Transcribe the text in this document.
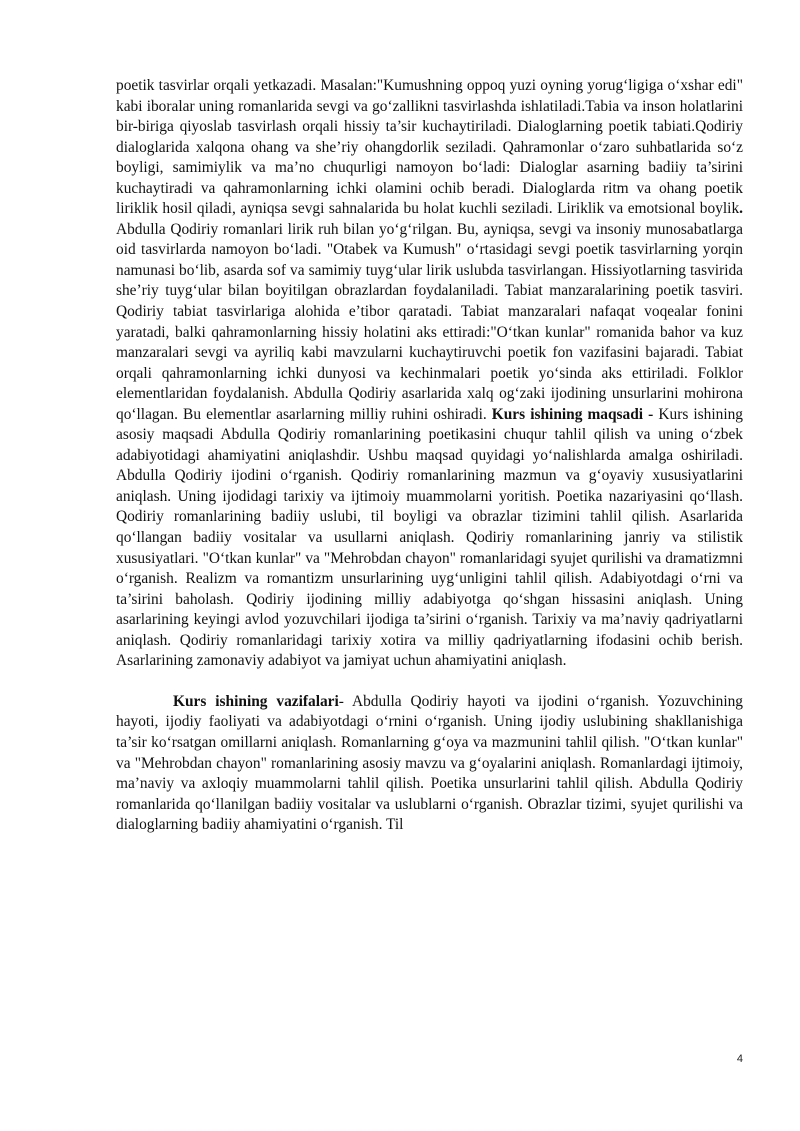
poetik tasvirlar orqali yetkazadi. Masalan:"Kumushning oppoq yuzi oyning yorug‘ligiga o‘xshar edi" kabi iboralar uning romanlarida sevgi va go‘zallikni tasvirlashda ishlatiladi.Tabia va inson holatlarini bir-biriga qiyoslab tasvirlash orqali hissiy ta’sir kuchaytiriladi. Dialoglarning poetik tabiati.Qodiriy dialoglarida xalqona ohang va she’riy ohangdorlik seziladi. Qahramonlar o‘zaro suhbatlarida so‘z boyligi, samimiylik va ma’no chuqurligi namoyon bo‘ladi: Dialoglar asarning badiiy ta’sirini kuchaytiradi va qahramonlarning ichki olamini ochib beradi. Dialoglarda ritm va ohang poetik liriklik hosil qiladi, ayniqsa sevgi sahnalarida bu holat kuchli seziladi. Liriklik va emotsional boylik. Abdulla Qodiriy romanlari lirik ruh bilan yo‘g‘rilgan. Bu, ayniqsa, sevgi va insoniy munosabatlarga oid tasvirlarda namoyon bo‘ladi. "Otabek va Kumush" o‘rtasidagi sevgi poetik tasvirlarning yorqin namunasi bo‘lib, asarda sof va samimiy tuyg‘ular lirik uslubda tasvirlangan. Hissiyotlarning tasvirida she’riy tuyg‘ular bilan boyitilgan obrazlardan foydalaniladi. Tabiat manzaralarining poetik tasviri. Qodiriy tabiat tasvirlariga alohida e’tibor qaratadi. Tabiat manzaralari nafaqat voqealar fonini yaratadi, balki qahramonlarning hissiy holatini aks ettiradi:"O‘tkan kunlar" romanida bahor va kuz manzaralari sevgi va ayriliq kabi mavzularni kuchaytiruvchi poetik fon vazifasini bajaradi. Tabiat orqali qahramonlarning ichki dunyosi va kechinmalari poetik yo‘sinda aks ettiriladi. Folklor elementlaridan foydalanish. Abdulla Qodiriy asarlarida xalq og‘zaki ijodining unsurlarini mohirona qo‘llagan. Bu elementlar asarlarning milliy ruhini oshiradi. Kurs ishining maqsadi - Kurs ishining asosiy maqsadi Abdulla Qodiriy romanlarining poetikasini chuqur tahlil qilish va uning o‘zbek adabiyotidagi ahamiyatini aniqlashdir. Ushbu maqsad quyidagi yo‘nalishlarda amalga oshiriladi. Abdulla Qodiriy ijodini o‘rganish. Qodiriy romanlarining mazmun va g‘oyaviy xususiyatlarini aniqlash. Uning ijodidagi tarixiy va ijtimoiy muammolarni yoritish. Poetika nazariyasini qo‘llash. Qodiriy romanlarining badiiy uslubi, til boyligi va obrazlar tizimini tahlil qilish. Asarlarida qo‘llangan badiiy vositalar va usullarni aniqlash. Qodiriy romanlarining janriy va stilistik xususiyatlari. "O‘tkan kunlar" va "Mehrobdan chayon" romanlaridagi syujet qurilishi va dramatizmni o‘rganish. Realizm va romantizm unsurlarining uyg‘unligini tahlil qilish. Adabiyotdagi o‘rni va ta’sirini baholash. Qodiriy ijodining milliy adabiyotga qo‘shgan hissasini aniqlash. Uning asarlarining keyingi avlod yozuvchilari ijodiga ta’sirini o‘rganish. Tarixiy va ma’naviy qadriyatlarni aniqlash. Qodiriy romanlaridagi tarixiy xotira va milliy qadriyatlarning ifodasini ochib berish. Asarlarining zamonaviy adabiyot va jamiyat uchun ahamiyatini aniqlash.

Kurs ishining vazifalari- Abdulla Qodiriy hayoti va ijodini o‘rganish. Yozuvchining hayoti, ijodiy faoliyati va adabiyotdagi o‘rnini o‘rganish. Uning ijodiy uslubining shakllanishiga ta’sir ko‘rsatgan omillarni aniqlash. Romanlarning g‘oya va mazmunini tahlil qilish. "O‘tkan kunlar" va "Mehrobdan chayon" romanlarining asosiy mavzu va g‘oyalarini aniqlash. Romanlardagi ijtimoiy, ma’naviy va axloqiy muammolarni tahlil qilish. Poetika unsurlarini tahlil qilish. Abdulla Qodiriy romanlarida qo‘llanilgan badiiy vositalar va uslublarni o‘rganish. Obrazlar tizimi, syujet qurilishi va dialoglarning badiiy ahamiyatini o‘rganish. Til

4
